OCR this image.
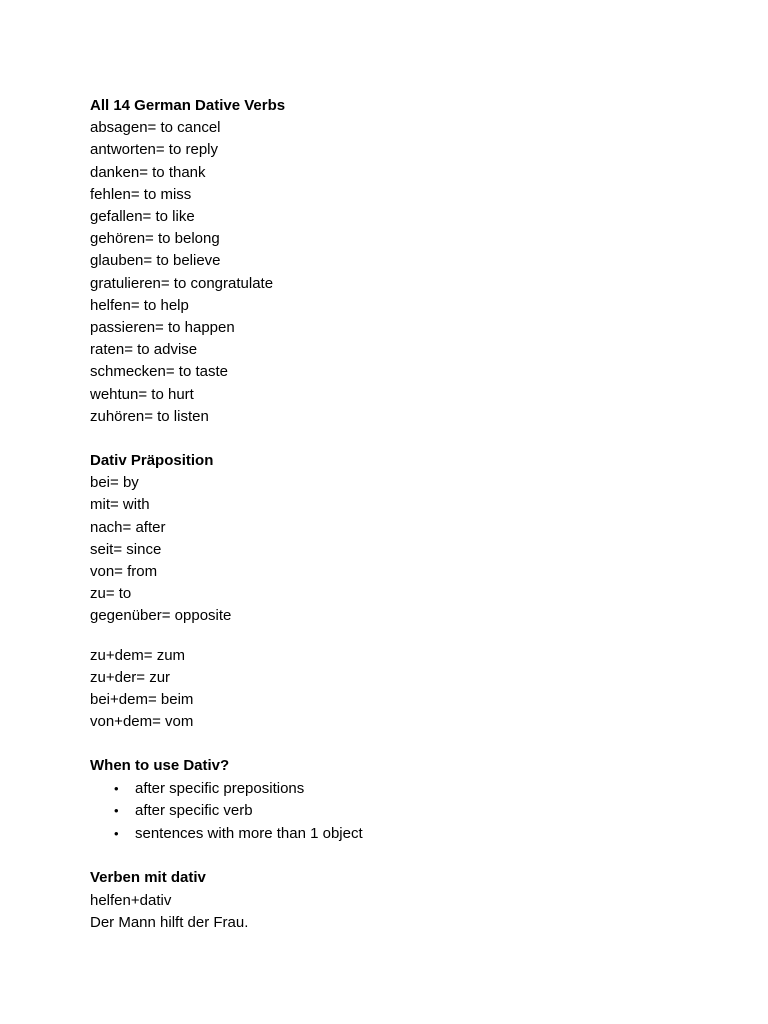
All 14 German Dative Verbs

absagen= to cancel

antworten= to reply

danken= to thank

fehlen= to miss

gefallen= to like

gehören= to belong

glauben= to believe

gratulieren= to congratulate

helfen= to help

passieren= to happen

raten= to advise

schmecken= to taste

wehtun= to hurt

zuhören= to listen

Dativ Präposition

bei= by

mit= with

nach= after

seit= since

von= from

zu= to

gegenüber= opposite

zu+dem= zum

zu+der= zur

bei+dem= beim

von+dem= vom

When to use Dativ?

• after specific prepositions
• after specific verb
• sentences with more than 1 object

Verben mit dativ

helfen+dativ

Der Mann hilft der Frau.
